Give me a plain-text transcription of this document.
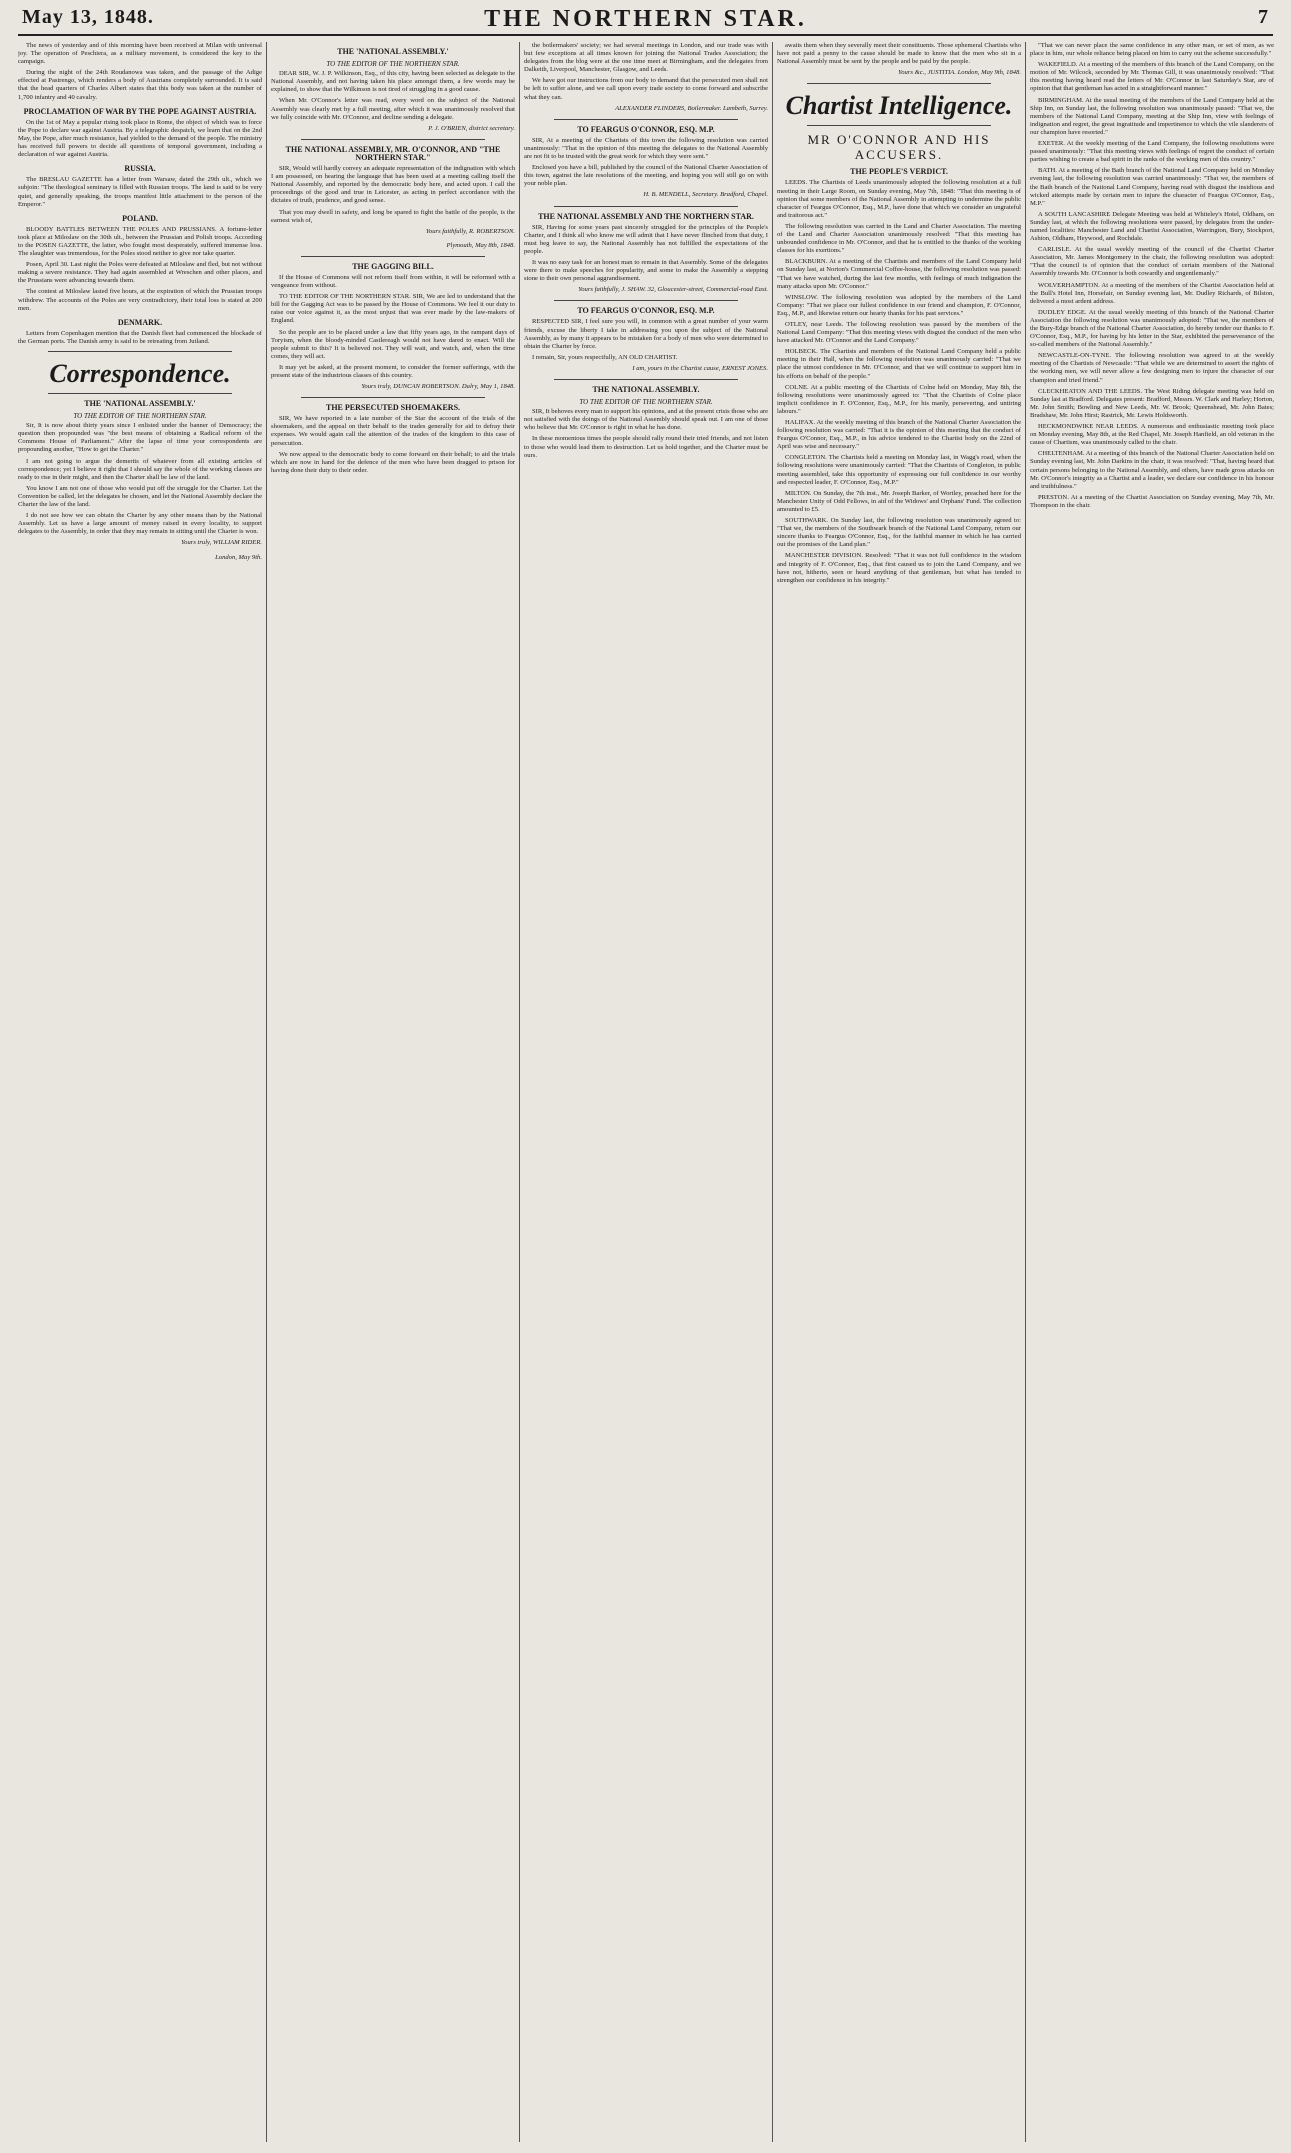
May 13, 1848.	THE NORTHERN STAR.	7

The news of yesterday and of this morning have been received at Milan with universal joy. The operation of Peschiera, as a military movement, is considered the key to the campaign.

During the night of the 24th Roudanowa was taken, and the passage of the Adige effected at Pastrengo, which renders a body of Austrians completely surrounded. It is said that the head quarters of Charles Albert states that this body was taken at the number of 1,700 infantry and 40 cavalry.

PROCLAMATION OF WAR BY THE POPE AGAINST AUSTRIA.

On the 1st of May a popular rising took place in Rome, the object of which was to force the Pope to declare war against Austria. By a telegraphic despatch, we learn that on the 2nd May, the Pope, after much resistance, had yielded to the demand of the people. The ministry has received full powers to decide all questions of temporal government, including a declaration of war against Austria.

RUSSIA.

The BRESLAU GAZETTE has a letter from Warsaw, dated the 29th ult., which we subjoin: "The theological seminary is filled with Russian troops. The land is said to be very quiet, and generally speaking, the troops manifest little attachment to the person of the Emperor."

POLAND.

BLOODY BATTLES BETWEEN THE POLES AND PRUSSIANS. A fortune-letter took place at Miloslaw on the 30th ult., between the Prussian and Polish troops. According to the POSEN GAZETTE, the latter, who fought most desperately, suffered immense loss. The slaughter was tremendous, for the Poles stood neither to give nor take quarter.

Posen, April 30. Last night the Poles were defeated at Miloslaw and fled, but not without making a severe resistance. They had again assembled at Wreschen and other places, and the Prussians were advancing towards them.

The contest at Miloslaw lasted five hours, at the expiration of which the Prussian troops withdrew. The accounts of the Poles are very contradictory, their total loss is stated at 200 men.

DENMARK.

Letters from Copenhagen mention that the Danish fleet had commenced the blockade of the German ports. The Danish army is said to be retreating from Jutland.

Correspondence.
THE 'NATIONAL ASSEMBLY.'
TO THE EDITOR OF THE NORTHERN STAR.

Sir, It is now about thirty years since I enlisted under the banner of Democracy; the question then propounded was "the best means of obtaining a Radical reform of the Commons House of Parliament." After the lapse of time your correspondents are propounding another, "How to get the Charter."

I am not going to argue the demerits of whatever from all existing articles of correspondence; yet I believe it right that I should say the whole of the working classes are ready to rise in their might, and then the Charter shall be law of the land.

You know I am not one of those who would put off the struggle for the Charter. Let the Convention be called, let the delegates be chosen, and let the National Assembly declare the Charter the law of the land.

I do not see how we can obtain the Charter by any other means than by the National Assembly. Let us have a large amount of money raised in every locality, to support delegates to the Assembly, in order that they may remain in sitting until the Charter is won.

Yours truly, WILLIAM RIDER.
London, May 9th.
THE 'NATIONAL ASSEMBLY.'
TO THE EDITOR OF THE NORTHERN STAR.

DEAR SIR, W. J. P. Wilkinson, Esq., of this city, having been selected as delegate to the National Assembly, and not having taken his place amongst them, a few words may be explained, to show that the Wilkinson is not tired of struggling in a good cause.

When Mr. O'Connor's letter was read, every word on the subject of the National Assembly was clearly met by a full meeting, after which it was unanimously resolved that we fully coincide with Mr. O'Connor, and decline sending a delegate.

P. J. O'BRIEN, district secretary.
THE NATIONAL ASSEMBLY, MR. O'CONNOR, AND "THE NORTHERN STAR."

SIR, Would will hardly convey an adequate representation of the indignation with which I am possessed, on hearing the language that has been used at a meeting calling itself the National Assembly, and reported by the democratic body here, and acted upon. I call the proceedings of the good and true in Leicester, as acting in perfect accordance with the dictates of truth, prudence, and good sense.

That you may dwell in safety, and long be spared to fight the battle of the people, is the earnest wish of,

Yours faithfully, R. ROBERTSON.
Plymouth, May 8th, 1848.
THE GAGGING BILL.

If the House of Commons will not reform itself from within, it will be reformed with a vengeance from without.

TO THE EDITOR OF THE NORTHERN STAR. SIR, We are led to understand that the bill for the Gagging Act was to be passed by the House of Commons. We feel it our duty to raise our voice against it, as the most unjust that was ever made by the law-makers of England.

So the people are to be placed under a law that fifty years ago, in the rampant days of Toryism, when the bloody-minded Castlereagh would not have dared to enact. Will the people submit to this? It is believed not. They will wait, and watch, and, when the time comes, they will act.

It may yet be asked, at the present moment, to consider the former sufferings, with the present state of the industrious classes of this country.

Yours truly, DUNCAN ROBERTSON. Dalry, May 1, 1848.
THE PERSECUTED SHOEMAKERS.

SIR, We have reported in a late number of the Star the account of the trials of the shoemakers, and the appeal on their behalf to the trades generally for aid to defray their expenses. We would again call the attention of the trades of the kingdom to this case of persecution.

We now appeal to the democratic body to come forward on their behalf; to aid the trials which are now in hand for the defence of the men who have been dragged to prison for having done their duty to their order.

the boilermakers' society; we had several meetings in London, and our trade was with but few exceptions at all times known for joining the National Trades Association; the delegates from the blog were at the one time meet at Birmingham, and the delegates from Dalkeith, Liverpool, Manchester, Glasgow, and Leeds.

We have got our instructions from our body to demand that the persecuted men shall not be left to suffer alone, and we call upon every trade society to come forward and subscribe what they can.

ALEXANDER FLINDERS, Boilermaker. Lambeth, Surrey.
TO FEARGUS O'CONNOR, ESQ. M.P.

SIR, At a meeting of the Chartists of this town the following resolution was carried unanimously: "That in the opinion of this meeting the delegates to the National Assembly are not fit to be trusted with the great work for which they were sent."

Enclosed you have a bill, published by the council of the National Charter Association of this town, against the late resolutions of the meeting, and hoping you will still go on with your noble plan.

H. B. MENDELL, Secretary. Bradford, Chapel.
THE NATIONAL ASSEMBLY AND THE NORTHERN STAR.

SIR, Having for some years past sincerely struggled for the principles of the People's Charter, and I think all who know me will admit that I have never flinched from that duty, I must beg leave to say, the National Assembly has not fulfilled the expectations of the people.

It was no easy task for an honest man to remain in that Assembly. Some of the delegates were there to make speeches for popularity, and some to make the Assembly a stepping stone to their own personal aggrandisement.

Yours faithfully, J. SHAW. 32, Gloucester-street, Commercial-road East.
TO FEARGUS O'CONNOR, ESQ. M.P.

RESPECTED SIR, I feel sure you will, in common with a great number of your warm friends, excuse the liberty I take in addressing you upon the subject of the National Assembly, as by many it appears to be mistaken for a body of men who were determined to obtain the Charter by force.

I remain, Sir, yours respectfully, AN OLD CHARTIST.

I am, yours in the Chartist cause, ERNEST JONES.
THE NATIONAL ASSEMBLY.
TO THE EDITOR OF THE NORTHERN STAR.

SIR, It behoves every man to support his opinions, and at the present crisis those who are not satisfied with the doings of the National Assembly should speak out. I am one of those who believe that Mr. O'Connor is right in what he has done.

In these momentous times the people should rally round their tried friends, and not listen to those who would lead them to destruction. Let us hold together, and the Charter must be ours.

awaits them when they severally meet their constituents. Those ephemeral Chartists who have not paid a penny to the cause should be made to know that the men who sit in a National Assembly must be sent by the people and be paid by the people.

Yours &c., JUSTITIA. London, May 9th, 1848.
Chartist Intelligence.
MR O'CONNOR AND HIS ACCUSERS.
THE PEOPLE'S VERDICT.

LEEDS. The Chartists of Leeds unanimously adopted the following resolution at a full meeting in their Large Room, on Sunday evening, May 7th, 1848: "That this meeting is of opinion that some members of the National Assembly in attempting to undermine the public character of Feargus O'Connor, Esq., M.P., have done that which we consider an ungrateful and traitorous act."

The following resolution was carried in the Land and Charter Association. The meeting of the Land and Charter Association unanimously resolved: "That this meeting has unbounded confidence in Mr. O'Connor, and that he is entitled to the thanks of the working classes for his exertions."

BLACKBURN. At a meeting of the Chartists and members of the Land Company held on Sunday last, at Norton's Commercial Coffee-house, the following resolution was passed: "That we have watched, during the last few months, with feelings of much indignation the many attacks upon Mr. O'Connor."

WINSLOW. The following resolution was adopted by the members of the Land Company: "That we place our fullest confidence in our friend and champion, F. O'Connor, Esq., M.P., and likewise return our hearty thanks for his past services."

OTLEY, near Leeds. The following resolution was passed by the members of the National Land Company: "That this meeting views with disgust the conduct of the men who have attacked Mr. O'Connor and the Land Company."

HOLBECK. The Chartists and members of the National Land Company held a public meeting in their Hall, when the following resolution was unanimously carried: "That we place the utmost confidence in Mr. O'Connor, and that we will continue to support him in his efforts on behalf of the people."

COLNE. At a public meeting of the Chartists of Colne held on Monday, May 8th, the following resolutions were unanimously agreed to: "That the Chartists of Colne place implicit confidence in F. O'Connor, Esq., M.P., for his manly, persevering, and untiring labours."

HALIFAX. At the weekly meeting of this branch of the National Charter Association the following resolution was carried: "That it is the opinion of this meeting that the conduct of Feargus O'Connor, Esq., M.P., in his advice tendered to the Chartist body on the 22nd of April was wise and necessary."

CONGLETON. The Chartists held a meeting on Monday last, in Wagg's road, when the following resolutions were unanimously carried: "That the Chartists of Congleton, in public meeting assembled, take this opportunity of expressing our full confidence in our worthy and respected leader, F. O'Connor, Esq., M.P."

MILTON. On Sunday, the 7th inst., Mr. Joseph Barker, of Wortley, preached here for the Manchester Unity of Odd Fellows, in aid of the Widows' and Orphans' Fund. The collection amounted to £5.

SOUTHWARK. On Sunday last, the following resolution was unanimously agreed to: "That we, the members of the Southwark branch of the National Land Company, return our sincere thanks to Feargus O'Connor, Esq., for the faithful manner in which he has carried out the promises of the Land plan."

MANCHESTER DIVISION. Resolved: "That it was not full confidence in the wisdom and integrity of F. O'Connor, Esq., that first caused us to join the Land Company, and we have not, hitherto, seen or heard anything of that gentleman, but what has tended to strengthen our confidence in his integrity."

"That we can never place the same confidence in any other man, or set of men, as we place in him, our whole reliance being placed on him to carry out the scheme successfully."

WAKEFIELD. At a meeting of the members of this branch of the Land Company, on the motion of Mr. Wilcock, seconded by Mr. Thomas Gill, it was unanimously resolved: "That this meeting having heard read the letters of Mr. O'Connor in last Saturday's Star, are of opinion that that gentleman has acted in a straightforward manner."

BIRMINGHAM. At the usual meeting of the members of the Land Company held at the Ship Inn, on Sunday last, the following resolution was unanimously passed: "That we, the members of the National Land Company, meeting at the Ship Inn, view with feelings of indignation and regret, the great ingratitude and impertinence to which the vile slanderers of our champion have resorted."

EXETER. At the weekly meeting of the Land Company, the following resolutions were passed unanimously: "That this meeting views with feelings of regret the conduct of certain parties wishing to create a bad spirit in the ranks of the working men of this country."

BATH. At a meeting of the Bath branch of the National Land Company held on Monday evening last, the following resolution was carried unanimously: "That we, the members of the Bath branch of the National Land Company, having read with disgust the insidious and wicked attempts made by certain men to injure the character of Feargus O'Connor, Esq., M.P."

A SOUTH LANCASHIRE Delegate Meeting was held at Whiteley's Hotel, Oldham, on Sunday last, at which the following resolutions were passed, by delegates from the under-named localities: Manchester Land and Chartist Association, Warrington, Bury, Stockport, Ashton, Oldham, Heywood, and Rochdale.

CARLISLE. At the usual weekly meeting of the council of the Chartist Charter Association, Mr. James Montgomery in the chair, the following resolution was adopted: "That the council is of opinion that the conduct of certain members of the National Assembly towards Mr. O'Connor is both cowardly and ungentlemanly."

WOLVERHAMPTON. At a meeting of the members of the Chartist Association held at the Bull's Hotel Inn, Horsefair, on Sunday evening last, Mr. Dudley Richards, of Bilston, delivered a most ardent address.

DUDLEY EDGE. At the usual weekly meeting of this branch of the National Charter Association the following resolution was unanimously adopted: "That we, the members of the Bury-Edge branch of the National Charter Association, do hereby tender our thanks to F. O'Connor, Esq., M.P., for having by his letter in the Star, exhibited the perseverance of the so-called members of the National Assembly."

NEWCASTLE-ON-TYNE. The following resolution was agreed to at the weekly meeting of the Chartists of Newcastle: "That while we are determined to assert the rights of the working men, we will never allow a few designing men to injure the character of our champion and tried friend."

CLECKHEATON AND THE LEEDS. The West Riding delegate meeting was held on Sunday last at Bradford. Delegates present: Bradford, Messrs. W. Clark and Harley; Horton, Mr. John Smith; Bowling and New Leeds, Mr. W. Brook; Queenshead, Mr. John Bates; Bradshaw, Mr. John Hirst; Rastrick, Mr. Lewis Holdsworth.

HECKMONDWIKE NEAR LEEDS. A numerous and enthusiastic meeting took place on Monday evening, May 8th, at the Red Chapel, Mr. Joseph Hanfield, an old veteran in the cause of Chartism, was unanimously called to the chair.

CHELTENHAM. At a meeting of this branch of the National Charter Association held on Sunday evening last, Mr. John Darkins in the chair, it was resolved: "That, having heard that certain persons belonging to the National Assembly, and others, have made gross attacks on Mr. O'Connor's integrity as a Chartist and a leader, we declare our confidence in his honour and truthfulness."

PRESTON. At a meeting of the Chartist Association on Sunday evening, May 7th, Mr. Thompson in the chair.
